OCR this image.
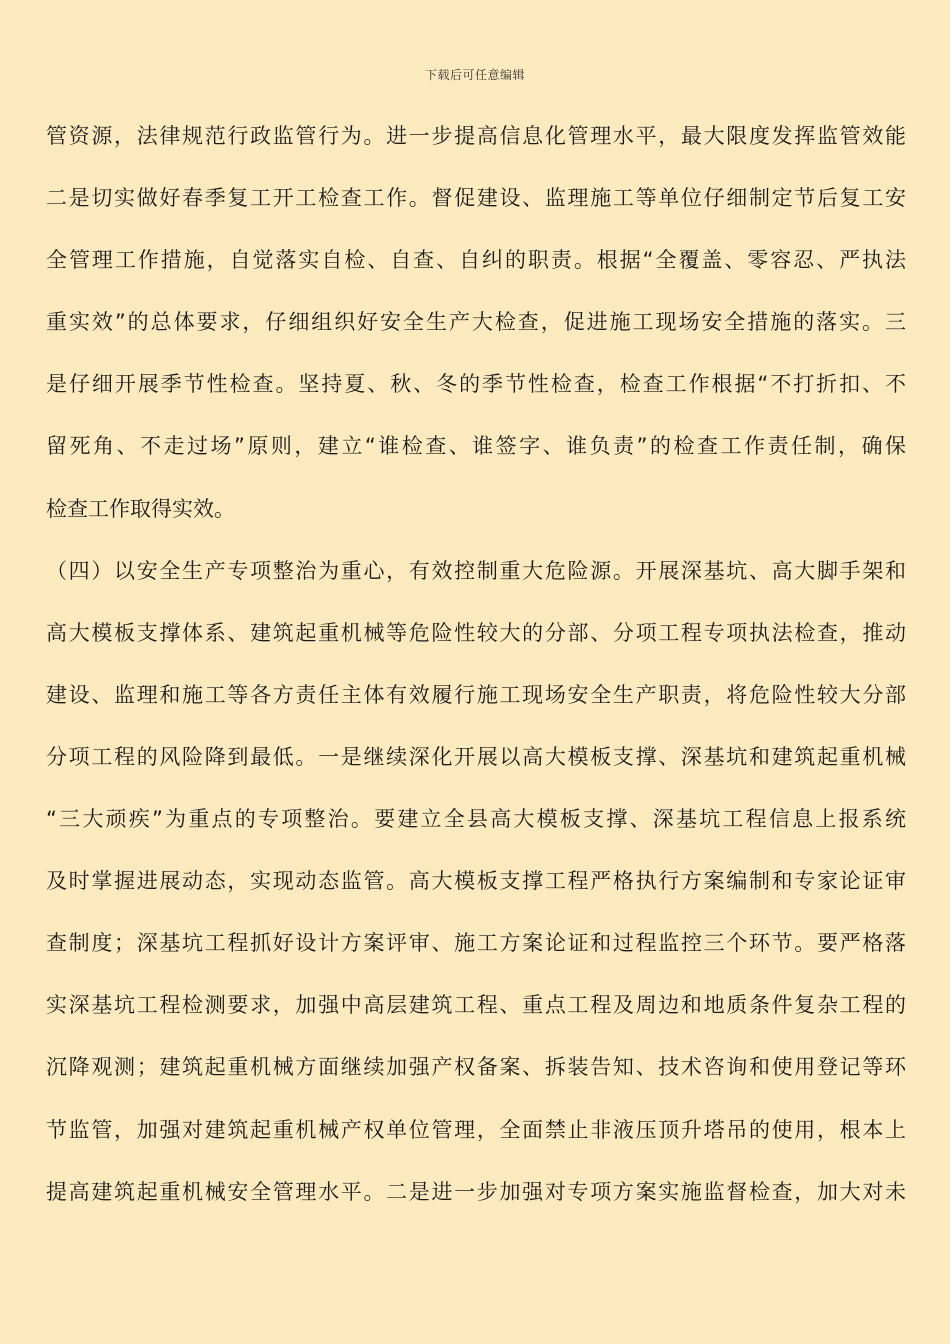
下载后可任意编辑
管资源，法律规范行政监管行为。进一步提高信息化管理水平，最大限度发挥监管效能
二是切实做好春季复工开工检查工作。督促建设、监理施工等单位仔细制定节后复工安
全管理工作措施，自觉落实自检、自查、自纠的职责。根据“全覆盖、零容忍、严执法
重实效”的总体要求，仔细组织好安全生产大检查，促进施工现场安全措施的落实。三
是仔细开展季节性检查。坚持夏、秋、冬的季节性检查，检查工作根据“不打折扣、不
留死角、不走过场”原则，建立“谁检查、谁签字、谁负责”的检查工作责任制，确保
检查工作取得实效。
（四）以安全生产专项整治为重心，有效控制重大危险源。开展深基坑、高大脚手架和
高大模板支撑体系、建筑起重机械等危险性较大的分部、分项工程专项执法检查，推动
建设、监理和施工等各方责任主体有效履行施工现场安全生产职责，将危险性较大分部
分项工程的风险降到最低。一是继续深化开展以高大模板支撑、深基坑和建筑起重机械
“三大顽疾”为重点的专项整治。要建立全县高大模板支撑、深基坑工程信息上报系统
及时掌握进展动态，实现动态监管。高大模板支撑工程严格执行方案编制和专家论证审
查制度；深基坑工程抓好设计方案评审、施工方案论证和过程监控三个环节。要严格落
实深基坑工程检测要求，加强中高层建筑工程、重点工程及周边和地质条件复杂工程的
沉降观测；建筑起重机械方面继续加强产权备案、拆装告知、技术咨询和使用登记等环
节监管，加强对建筑起重机械产权单位管理，全面禁止非液压顶升塔吊的使用，根本上
提高建筑起重机械安全管理水平。二是进一步加强对专项方案实施监督检查，加大对未
